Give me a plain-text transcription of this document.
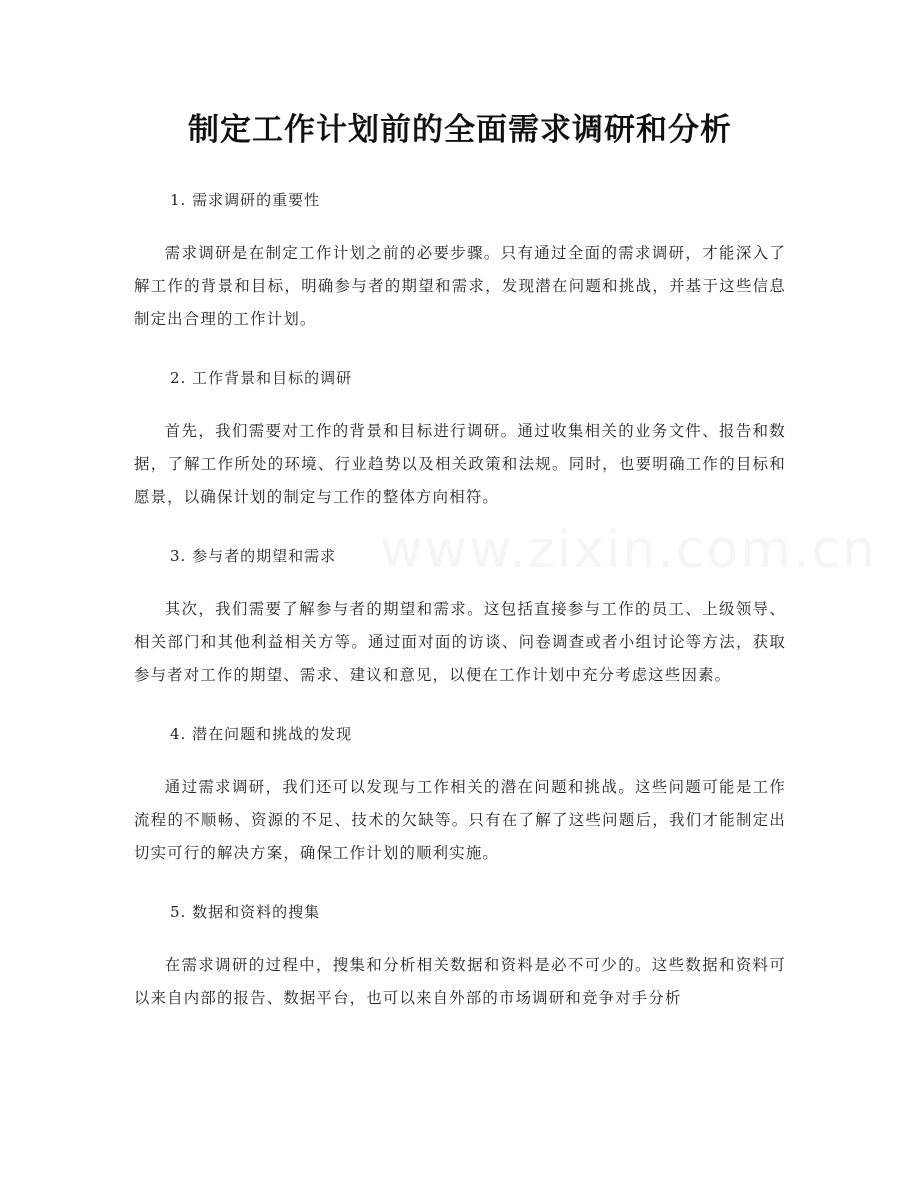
www.zixin.com.cn
制定工作计划前的全面需求调研和分析
1. 需求调研的重要性

需求调研是在制定工作计划之前的必要步骤。只有通过全面的需求调研，才能深入了解工作的背景和目标，明确参与者的期望和需求，发现潜在问题和挑战，并基于这些信息制定出合理的工作计划。

2. 工作背景和目标的调研

首先，我们需要对工作的背景和目标进行调研。通过收集相关的业务文件、报告和数据，了解工作所处的环境、行业趋势以及相关政策和法规。同时，也要明确工作的目标和愿景，以确保计划的制定与工作的整体方向相符。

3. 参与者的期望和需求

其次，我们需要了解参与者的期望和需求。这包括直接参与工作的员工、上级领导、相关部门和其他利益相关方等。通过面对面的访谈、问卷调查或者小组讨论等方法，获取参与者对工作的期望、需求、建议和意见，以便在工作计划中充分考虑这些因素。

4. 潜在问题和挑战的发现

通过需求调研，我们还可以发现与工作相关的潜在问题和挑战。这些问题可能是工作流程的不顺畅、资源的不足、技术的欠缺等。只有在了解了这些问题后，我们才能制定出切实可行的解决方案，确保工作计划的顺利实施。

5. 数据和资料的搜集

在需求调研的过程中，搜集和分析相关数据和资料是必不可少的。这些数据和资料可以来自内部的报告、数据平台，也可以来自外部的市场调研和竞争对手分析
